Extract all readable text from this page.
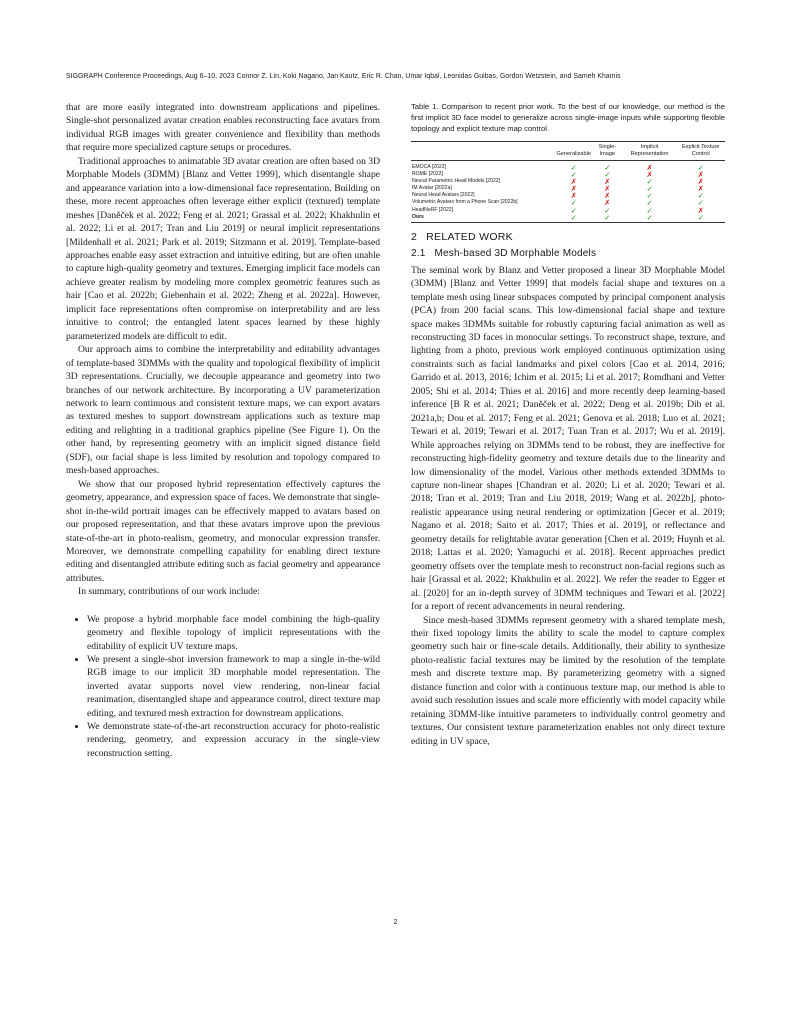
SIGGRAPH Conference Proceedings, Aug 6–10, 2023 Connor Z. Lin, Koki Nagano, Jan Kautz, Eric R. Chan, Umar Iqbal, Leonidas Guibas, Gordon Wetzstein, and Sameh Khamis

that are more easily integrated into downstream applications and pipelines. Single-shot personalized avatar creation enables reconstructing face avatars from individual RGB images with greater convenience and flexibility than methods that require more specialized capture setups or procedures.

Traditional approaches to animatable 3D avatar creation are often based on 3D Morphable Models (3DMM) [Blanz and Vetter 1999], which disentangle shape and appearance variation into a low-dimensional face representation. Building on these, more recent approaches often leverage either explicit (textured) template meshes [Daněček et al. 2022; Feng et al. 2021; Grassal et al. 2022; Khakhulin et al. 2022; Li et al. 2017; Tran and Liu 2019] or neural implicit representations [Mildenhall et al. 2021; Park et al. 2019; Sitzmann et al. 2019]. Template-based approaches enable easy asset extraction and intuitive editing, but are often unable to capture high-quality geometry and textures. Emerging implicit face models can achieve greater realism by modeling more complex geometric features such as hair [Cao et al. 2022b; Giebenhain et al. 2022; Zheng et al. 2022a]. However, implicit face representations often compromise on interpretability and are less intuitive to control; the entangled latent spaces learned by these highly parameterized models are difficult to edit.

Our approach aims to combine the interpretability and editability advantages of template-based 3DMMs with the quality and topological flexibility of implicit 3D representations. Crucially, we decouple appearance and geometry into two branches of our network architecture. By incorporating a UV parameterization network to learn continuous and consistent texture maps, we can export avatars as textured meshes to support downstream applications such as texture map editing and relighting in a traditional graphics pipeline (See Figure 1). On the other hand, by representing geometry with an implicit signed distance field (SDF), our facial shape is less limited by resolution and topology compared to mesh-based approaches.

We show that our proposed hybrid representation effectively captures the geometry, appearance, and expression space of faces. We demonstrate that single-shot in-the-wild portrait images can be effectively mapped to avatars based on our proposed representation, and that these avatars improve upon the previous state-of-the-art in photo-realism, geometry, and monocular expression transfer. Moreover, we demonstrate compelling capability for enabling direct texture editing and disentangled attribute editing such as facial geometry and appearance attributes.

In summary, contributions of our work include:

• We propose a hybrid morphable face model combining the high-quality geometry and flexible topology of implicit representations with the editability of explicit UV texture maps.
• We present a single-shot inversion framework to map a single in-the-wild RGB image to our implicit 3D morphable model representation. The inverted avatar supports novel view rendering, non-linear facial reanimation, disentangled shape and appearance control, direct texture map editing, and textured mesh extraction for downstream applications.
• We demonstrate state-of-the-art reconstruction accuracy for photo-realistic rendering, geometry, and expression accuracy in the single-view reconstruction setting.

Table 1. Comparison to recent prior work. To the best of our knowledge, our method is the first implicit 3D face model to generalize across single-image inputs while supporting flexible topology and explicit texture map control.

	Generalizable	Single-Image	Implicit Representation	Explicit Texture Control
EMOCA [2022]	✓	✓	✗	✓
ROME [2022]	✓	✓	✗	✗
Neural Parametric Head Models [2022]	✗	✗	✓	✗
IM Avatar [2022a]	✗	✗	✓	✗
Neural Head Avatars [2022]	✗	✗	✓	✓
Volumetric Avatars from a Phone Scan [2022b]	✓	✗	✓	✓
HeadNeRF [2022]	✓	✓	✓	✗
Ours	✓	✓	✓	✓
2 RELATED WORK
2.1 Mesh-based 3D Morphable Models

The seminal work by Blanz and Vetter proposed a linear 3D Morphable Model (3DMM) [Blanz and Vetter 1999] that models facial shape and textures on a template mesh using linear subspaces computed by principal component analysis (PCA) from 200 facial scans. This low-dimensional facial shape and texture space makes 3DMMs suitable for robustly capturing facial animation as well as reconstructing 3D faces in monocular settings. To reconstruct shape, texture, and lighting from a photo, previous work employed continuous optimization using constraints such as facial landmarks and pixel colors [Cao et al. 2014, 2016; Garrido et al. 2013, 2016; Ichim et al. 2015; Li et al. 2017; Romdhani and Vetter 2005; Shi et al. 2014; Thies et al. 2016] and more recently deep learning-based inference [B R et al. 2021; Daněček et al. 2022; Deng et al. 2019b; Dib et al. 2021a,b; Dou et al. 2017; Feng et al. 2021; Genova et al. 2018; Luo et al. 2021; Tewari et al. 2019; Tewari et al. 2017; Tuan Tran et al. 2017; Wu et al. 2019]. While approaches relying on 3DMMs tend to be robust, they are ineffective for reconstructing high-fidelity geometry and texture details due to the linearity and low dimensionality of the model. Various other methods extended 3DMMs to capture non-linear shapes [Chandran et al. 2020; Li et al. 2020; Tewari et al. 2018; Tran et al. 2019; Tran and Liu 2018, 2019; Wang et al. 2022b], photo-realistic appearance using neural rendering or optimization [Gecer et al. 2019; Nagano et al. 2018; Saito et al. 2017; Thies et al. 2019], or reflectance and geometry details for relightable avatar generation [Chen et al. 2019; Huynh et al. 2018; Lattas et al. 2020; Yamaguchi et al. 2018]. Recent approaches predict geometry offsets over the template mesh to reconstruct non-facial regions such as hair [Grassal et al. 2022; Khakhulin et al. 2022]. We refer the reader to Egger et al. [2020] for an in-depth survey of 3DMM techniques and Tewari et al. [2022] for a report of recent advancements in neural rendering.

Since mesh-based 3DMMs represent geometry with a shared template mesh, their fixed topology limits the ability to scale the model to capture complex geometry such hair or fine-scale details. Additionally, their ability to synthesize photo-realistic facial textures may be limited by the resolution of the template mesh and discrete texture map. By parameterizing geometry with a signed distance function and color with a continuous texture map, our method is able to avoid such resolution issues and scale more efficiently with model capacity while retaining 3DMM-like intuitive parameters to individually control geometry and textures. Our consistent texture parameterization enables not only direct texture editing in UV space,

2
